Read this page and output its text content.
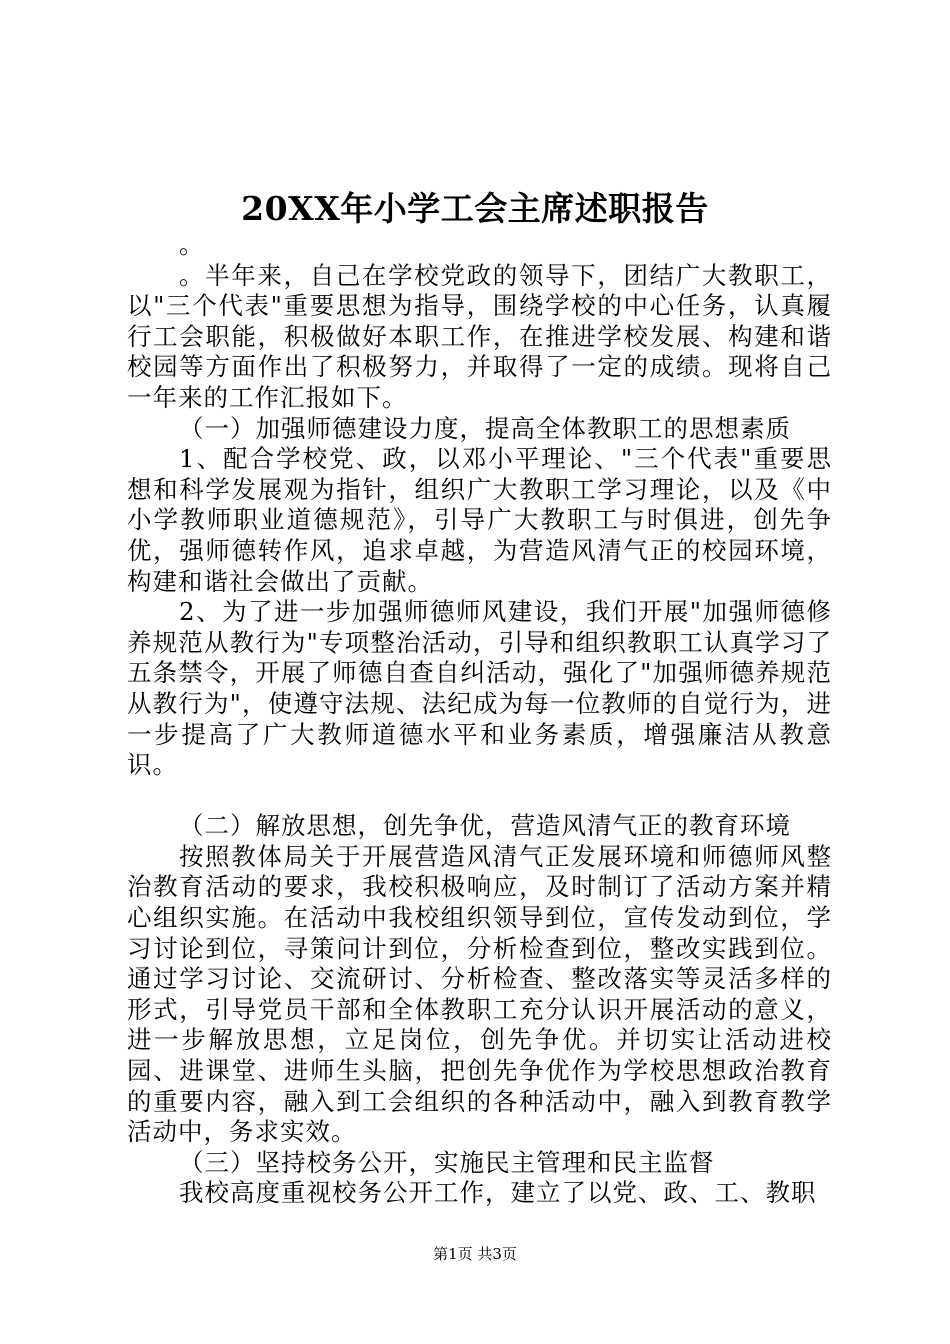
20XX年小学工会主席述职报告

。

。半年来，自己在学校党政的领导下，团结广大教职工，以"三个代表"重要思想为指导，围绕学校的中心任务，认真履行工会职能，积极做好本职工作，在推进学校发展、构建和谐校园等方面作出了积极努力，并取得了一定的成绩。现将自己一年来的工作汇报如下。

（一）加强师德建设力度，提高全体教职工的思想素质

1、配合学校党、政，以邓小平理论、"三个代表"重要思想和科学发展观为指针，组织广大教职工学习理论，以及《中小学教师职业道德规范》，引导广大教职工与时俱进，创先争优，强师德转作风，追求卓越，为营造风清气正的校园环境，构建和谐社会做出了贡献。

2、为了进一步加强师德师风建设，我们开展"加强师德修养规范从教行为"专项整治活动，引导和组织教职工认真学习了五条禁令，开展了师德自查自纠活动，强化了"加强师德养规范从教行为"，使遵守法规、法纪成为每一位教师的自觉行为，进一步提高了广大教师道德水平和业务素质，增强廉洁从教意识。

（二）解放思想，创先争优，营造风清气正的教育环境

按照教体局关于开展营造风清气正发展环境和师德师风整治教育活动的要求，我校积极响应，及时制订了活动方案并精心组织实施。在活动中我校组织领导到位，宣传发动到位，学习讨论到位，寻策问计到位，分析检查到位，整改实践到位。通过学习讨论、交流研讨、分析检查、整改落实等灵活多样的形式，引导党员干部和全体教职工充分认识开展活动的意义，进一步解放思想，立足岗位，创先争优。并切实让活动进校园、进课堂、进师生头脑，把创先争优作为学校思想政治教育的重要内容，融入到工会组织的各种活动中，融入到教育教学活动中，务求实效。

（三）坚持校务公开，实施民主管理和民主监督

我校高度重视校务公开工作，建立了以党、政、工、教职

第1页 共3页
